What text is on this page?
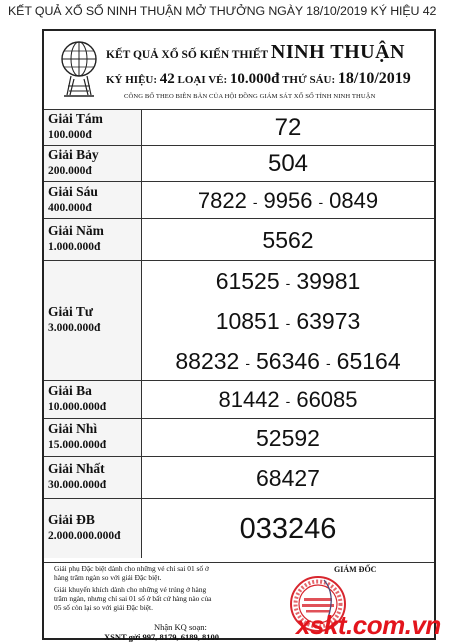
KẾT QUẢ XỔ SỐ NINH THUẬN MỞ THƯỞNG NGÀY 18/10/2019 KÝ HIỆU 42
KẾT QUẢ XỔ SỐ KIẾN THIẾT NINH THUẬN
KÝ HIỆU: 42 LOẠI VÉ: 10.000đ THỨ SÁU: 18/10/2019
CÔNG BỐ THEO BIÊN BẢN CỦA HỘI ĐỒNG GIÁM SÁT XỔ SỐ TỈNH NINH THUẬN
Giải Tám
100.000đ	72
Giải Bảy
200.000đ	504
Giải Sáu
400.000đ	7822 - 9956 - 0849
Giải Năm
1.000.000đ	5562
Giải Tư
3.000.000đ
61525 - 39981
10851 - 63973
88232 - 56346 - 65164
Giải Ba
10.000.000đ	81442 - 66085
Giải Nhì
15.000.000đ	52592
Giải Nhất
30.000.000đ	68427
Giải ĐB
2.000.000.000đ	033246
Giải phụ Đặc biệt dành cho những vé chỉ sai 01 số ở
hàng trăm ngàn so với giải Đặc biệt.
Giải khuyến khích dành cho những vé trúng ở hàng
trăm ngàn, nhưng chỉ sai 01 số ở bất cứ hàng nào của
05 số còn lại so với giải Đặc biệt.
Nhận KQ soạn:
XSNT gửi 997, 8179, 6189, 8100
GIÁM ĐỐC
xskt.com.vn
